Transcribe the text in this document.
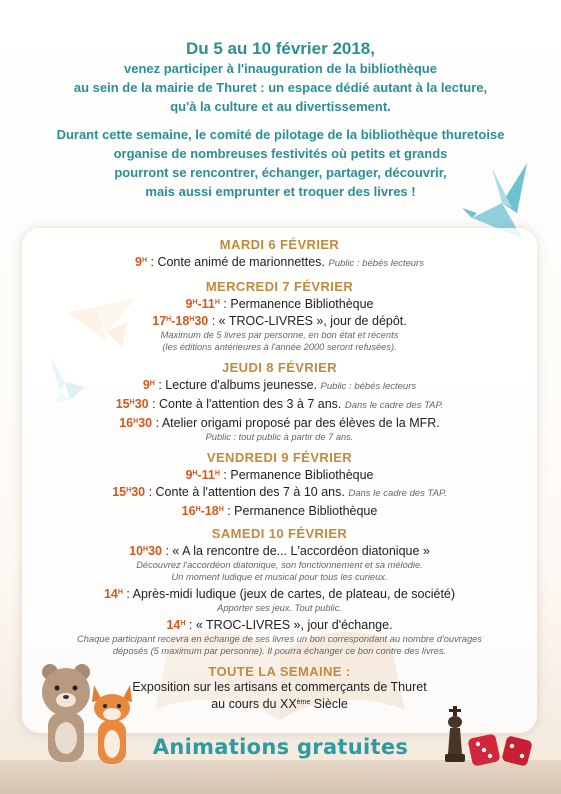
Du 5 au 10 février 2018,
venez participer à l'inauguration de la bibliothèque
au sein de la mairie de Thuret : un espace dédié autant à la lecture,
qu'à la culture et au divertissement.
Durant cette semaine, le comité de pilotage de la bibliothèque thuretoise
organise de nombreuses festivités où petits et grands
pourront se rencontrer, échanger, partager, découvrir,
mais aussi emprunter et troquer des livres !
MARDI 6 FÉVRIER
$9^H$ : Conte animé de marionnettes. Public : bébés lecteurs
MERCREDI 7 FÉVRIER
$9^H-11^H$ : Permanence Bibliothèque
$17^H-18^H30$ : « TROC-LIVRES », jour de dépôt.
Maximum de 5 livres par personne, en bon état et récents
(les éditions antérieures à l'année 2000 seront refusées).
JEUDI 8 FÉVRIER
$9^H$ : Lecture d'albums jeunesse. Public : bébés lecteurs
$15^H30$ : Conte à l'attention des 3 à 7 ans. Dans le cadre des TAP.
$16^H30$ : Atelier origami proposé par des élèves de la MFR.
Public : tout public à partir de 7 ans.
VENDREDI 9 FÉVRIER
$9^H-11^H$ : Permanence Bibliothèque
$15^H30$ : Conte à l'attention des 7 à 10 ans. Dans le cadre des TAP.
$16^H-18^H$ : Permanence Bibliothèque
SAMEDI 10 FÉVRIER
$10^H30$ : « A la rencontre de... L'accordéon diatonique »
Découvrez l'accordéon diatonique, son fonctionnement et sa mélodie.
Un moment ludique et musical pour tous les curieux.
$14^H$ : Après-midi ludique (jeux de cartes, de plateau, de société)
Apporter ses jeux. Tout public.
$14^H$ : « TROC-LIVRES », jour d'échange.
Chaque participant recevra en échange de ses livres un bon correspondant au nombre d'ouvrages
déposés (5 maximum par personne). Il pourra échanger ce bon contre des livres.
TOUTE LA SEMAINE :
Exposition sur les artisans et commerçants de Thuret
au cours du XXème Siècle
Animations gratuites
